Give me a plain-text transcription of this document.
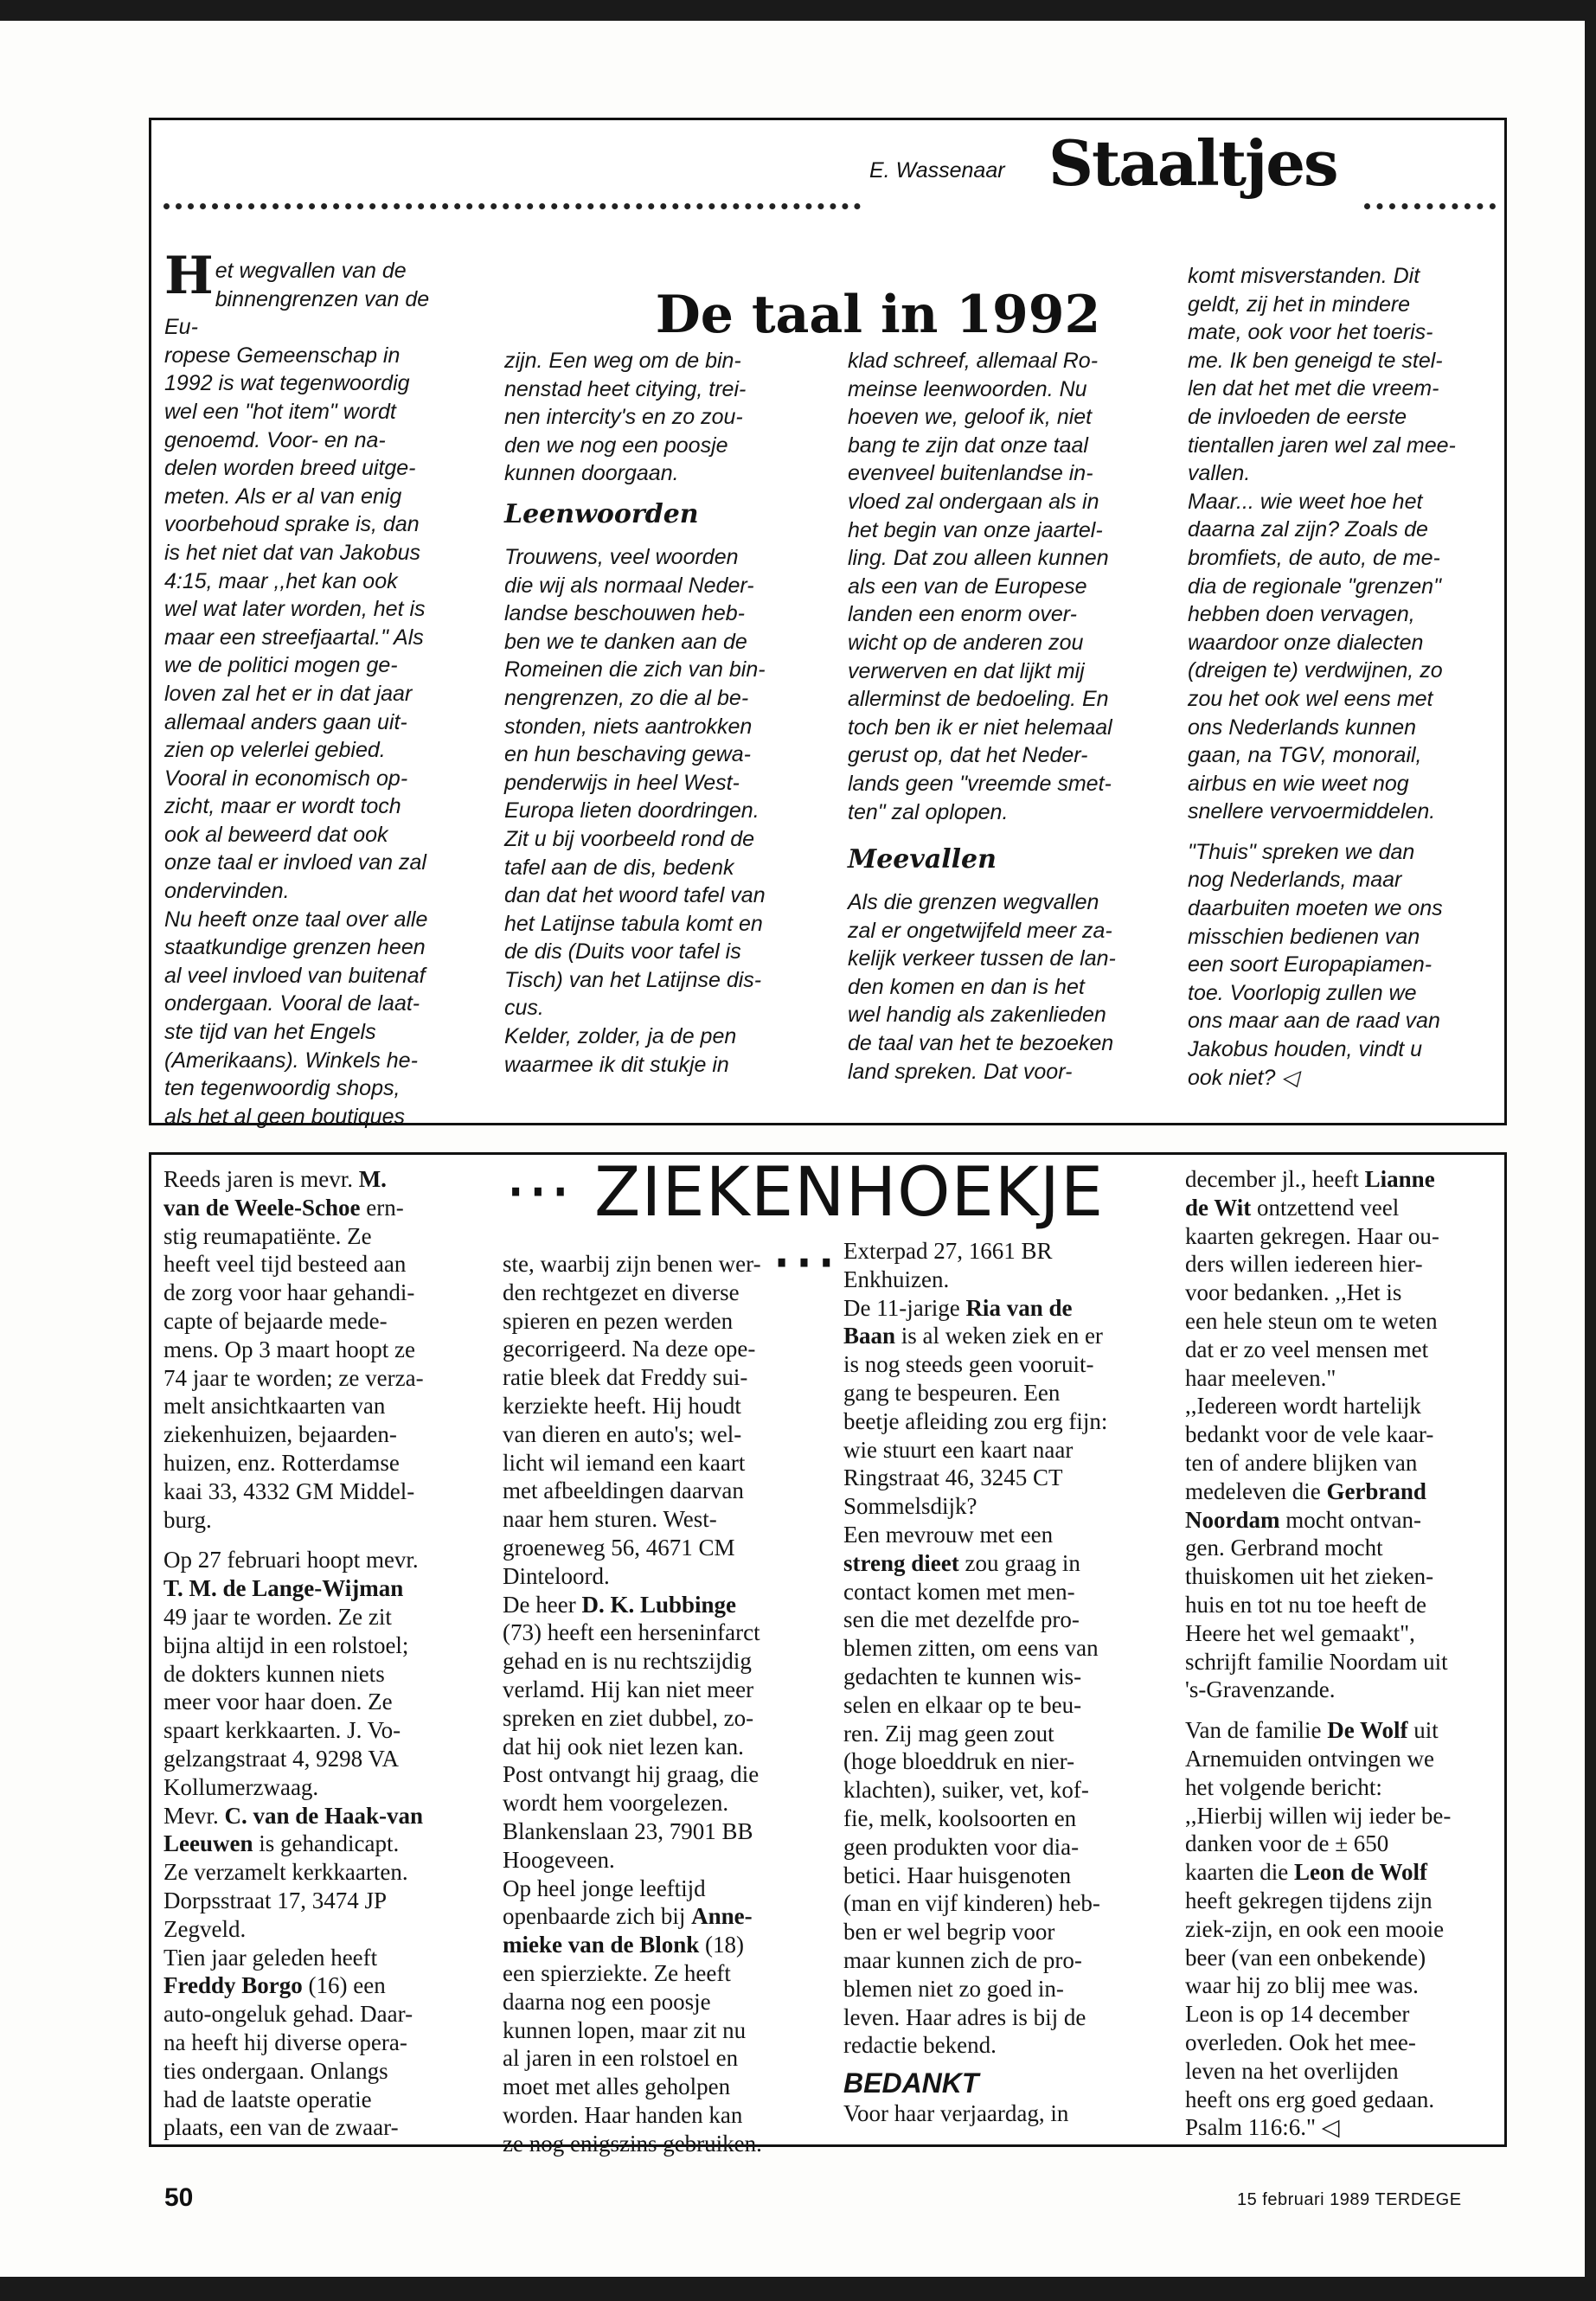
E. Wassenaar Staaltjes
De taal in 1992
H et wegvallen van de
binnengrenzen van de Eu-
ropese Gemeenschap in
1992 is wat tegenwoordig
wel een "hot item" wordt
genoemd. Voor- en na-
delen worden breed uitge-
meten. Als er al van enig
voorbehoud sprake is, dan
is het niet dat van Jakobus
4:15, maar ,,het kan ook
wel wat later worden, het is
maar een streefjaartal." Als
we de politici mogen ge-
loven zal het er in dat jaar
allemaal anders gaan uit-
zien op velerlei gebied.
Vooral in economisch op-
zicht, maar er wordt toch
ook al beweerd dat ook
onze taal er invloed van zal
ondervinden.
Nu heeft onze taal over alle
staatkundige grenzen heen
al veel invloed van buitenaf
ondergaan. Vooral de laat-
ste tijd van het Engels
(Amerikaans). Winkels he-
ten tegenwoordig shops,
als het al geen boutiques

zijn. Een weg om de bin-
nenstad heet citying, trei-
nen intercity's en zo zou-
den we nog een poosje
kunnen doorgaan.

Leenwoorden

Trouwens, veel woorden
die wij als normaal Neder-
landse beschouwen heb-
ben we te danken aan de
Romeinen die zich van bin-
nengrenzen, zo die al be-
stonden, niets aantrokken
en hun beschaving gewa-
penderwijs in heel West-
Europa lieten doordringen.
Zit u bij voorbeeld rond de
tafel aan de dis, bedenk
dan dat het woord tafel van
het Latijnse tabula komt en
de dis (Duits voor tafel is
Tisch) van het Latijnse dis-
cus.
Kelder, zolder, ja de pen
waarmee ik dit stukje in

klad schreef, allemaal Ro-
meinse leenwoorden. Nu
hoeven we, geloof ik, niet
bang te zijn dat onze taal
evenveel buitenlandse in-
vloed zal ondergaan als in
het begin van onze jaartel-
ling. Dat zou alleen kunnen
als een van de Europese
landen een enorm over-
wicht op de anderen zou
verwerven en dat lijkt mij
allerminst de bedoeling. En
toch ben ik er niet helemaal
gerust op, dat het Neder-
lands geen "vreemde smet-
ten" zal oplopen.

Meevallen

Als die grenzen wegvallen
zal er ongetwijfeld meer za-
kelijk verkeer tussen de lan-
den komen en dan is het
wel handig als zakenlieden
de taal van het te bezoeken
land spreken. Dat voor-

komt misverstanden. Dit
geldt, zij het in mindere
mate, ook voor het toeris-
me. Ik ben geneigd te stel-
len dat het met die vreem-
de invloeden de eerste
tientallen jaren wel zal mee-
vallen.
Maar... wie weet hoe het
daarna zal zijn? Zoals de
bromfiets, de auto, de me-
dia de regionale "grenzen"
hebben doen vervagen,
waardoor onze dialecten
(dreigen te) verdwijnen, zo
zou het ook wel eens met
ons Nederlands kunnen
gaan, na TGV, monorail,
airbus en wie weet nog
snellere vervoermiddelen.

"Thuis" spreken we dan
nog Nederlands, maar
daarbuiten moeten we ons
misschien bedienen van
een soort Europapiamen-
toe. Voorlopig zullen we
ons maar aan de raad van
Jakobus houden, vindt u
ook niet? ◁

··· ZIEKENHOEKJE ···

Reeds jaren is mevr. M.
van de Weele-Schoe ern-
stig reumapatiënte. Ze
heeft veel tijd besteed aan
de zorg voor haar gehandi-
capte of bejaarde mede-
mens. Op 3 maart hoopt ze
74 jaar te worden; ze verza-
melt ansichtkaarten van
ziekenhuizen, bejaarden-
huizen, enz. Rotterdamse
kaai 33, 4332 GM Middel-
burg.

Op 27 februari hoopt mevr.
T. M. de Lange-Wijman
49 jaar te worden. Ze zit
bijna altijd in een rolstoel;
de dokters kunnen niets
meer voor haar doen. Ze
spaart kerkkaarten. J. Vo-
gelzangstraat 4, 9298 VA
Kollumerzwaag.
Mevr. C. van de Haak-van
Leeuwen is gehandicapt.
Ze verzamelt kerkkaarten.
Dorpsstraat 17, 3474 JP
Zegveld.
Tien jaar geleden heeft
Freddy Borgo (16) een
auto-ongeluk gehad. Daar-
na heeft hij diverse opera-
ties ondergaan. Onlangs
had de laatste operatie
plaats, een van de zwaar-

ste, waarbij zijn benen wer-
den rechtgezet en diverse
spieren en pezen werden
gecorrigeerd. Na deze ope-
ratie bleek dat Freddy sui-
kerziekte heeft. Hij houdt
van dieren en auto's; wel-
licht wil iemand een kaart
met afbeeldingen daarvan
naar hem sturen. West-
groeneweg 56, 4671 CM
Dinteloord.
De heer D. K. Lubbinge
(73) heeft een herseninfarct
gehad en is nu rechtszijdig
verlamd. Hij kan niet meer
spreken en ziet dubbel, zo-
dat hij ook niet lezen kan.
Post ontvangt hij graag, die
wordt hem voorgelezen.
Blankenslaan 23, 7901 BB
Hoogeveen.
Op heel jonge leeftijd
openbaarde zich bij Anne-
mieke van de Blonk (18)
een spierziekte. Ze heeft
daarna nog een poosje
kunnen lopen, maar zit nu
al jaren in een rolstoel en
moet met alles geholpen
worden. Haar handen kan
ze nog enigszins gebruiken.

Exterpad 27, 1661 BR
Enkhuizen.
De 11-jarige Ria van de
Baan is al weken ziek en er
is nog steeds geen vooruit-
gang te bespeuren. Een
beetje afleiding zou erg fijn:
wie stuurt een kaart naar
Ringstraat 46, 3245 CT
Sommelsdijk?
Een mevrouw met een
streng dieet zou graag in
contact komen met men-
sen die met dezelfde pro-
blemen zitten, om eens van
gedachten te kunnen wis-
selen en elkaar op te beu-
ren. Zij mag geen zout
(hoge bloeddruk en nier-
klachten), suiker, vet, kof-
fie, melk, koolsoorten en
geen produkten voor dia-
betici. Haar huisgenoten
(man en vijf kinderen) heb-
ben er wel begrip voor
maar kunnen zich de pro-
blemen niet zo goed in-
leven. Haar adres is bij de
redactie bekend.

BEDANKT

Voor haar verjaardag, in

december jl., heeft Lianne
de Wit ontzettend veel
kaarten gekregen. Haar ou-
ders willen iedereen hier-
voor bedanken. ,,Het is
een hele steun om te weten
dat er zo veel mensen met
haar meeleven."
,,Iedereen wordt hartelijk
bedankt voor de vele kaar-
ten of andere blijken van
medeleven die Gerbrand
Noordam mocht ontvan-
gen. Gerbrand mocht
thuiskomen uit het zieken-
huis en tot nu toe heeft de
Heere het wel gemaakt",
schrijft familie Noordam uit
's-Gravenzande.

Van de familie De Wolf uit
Arnemuiden ontvingen we
het volgende bericht:
,,Hierbij willen wij ieder be-
danken voor de ± 650
kaarten die Leon de Wolf
heeft gekregen tijdens zijn
ziek-zijn, en ook een mooie
beer (van een onbekende)
waar hij zo blij mee was.
Leon is op 14 december
overleden. Ook het mee-
leven na het overlijden
heeft ons erg goed gedaan.
Psalm 116:6." ◁

50	15 februari 1989 TERDEGE
